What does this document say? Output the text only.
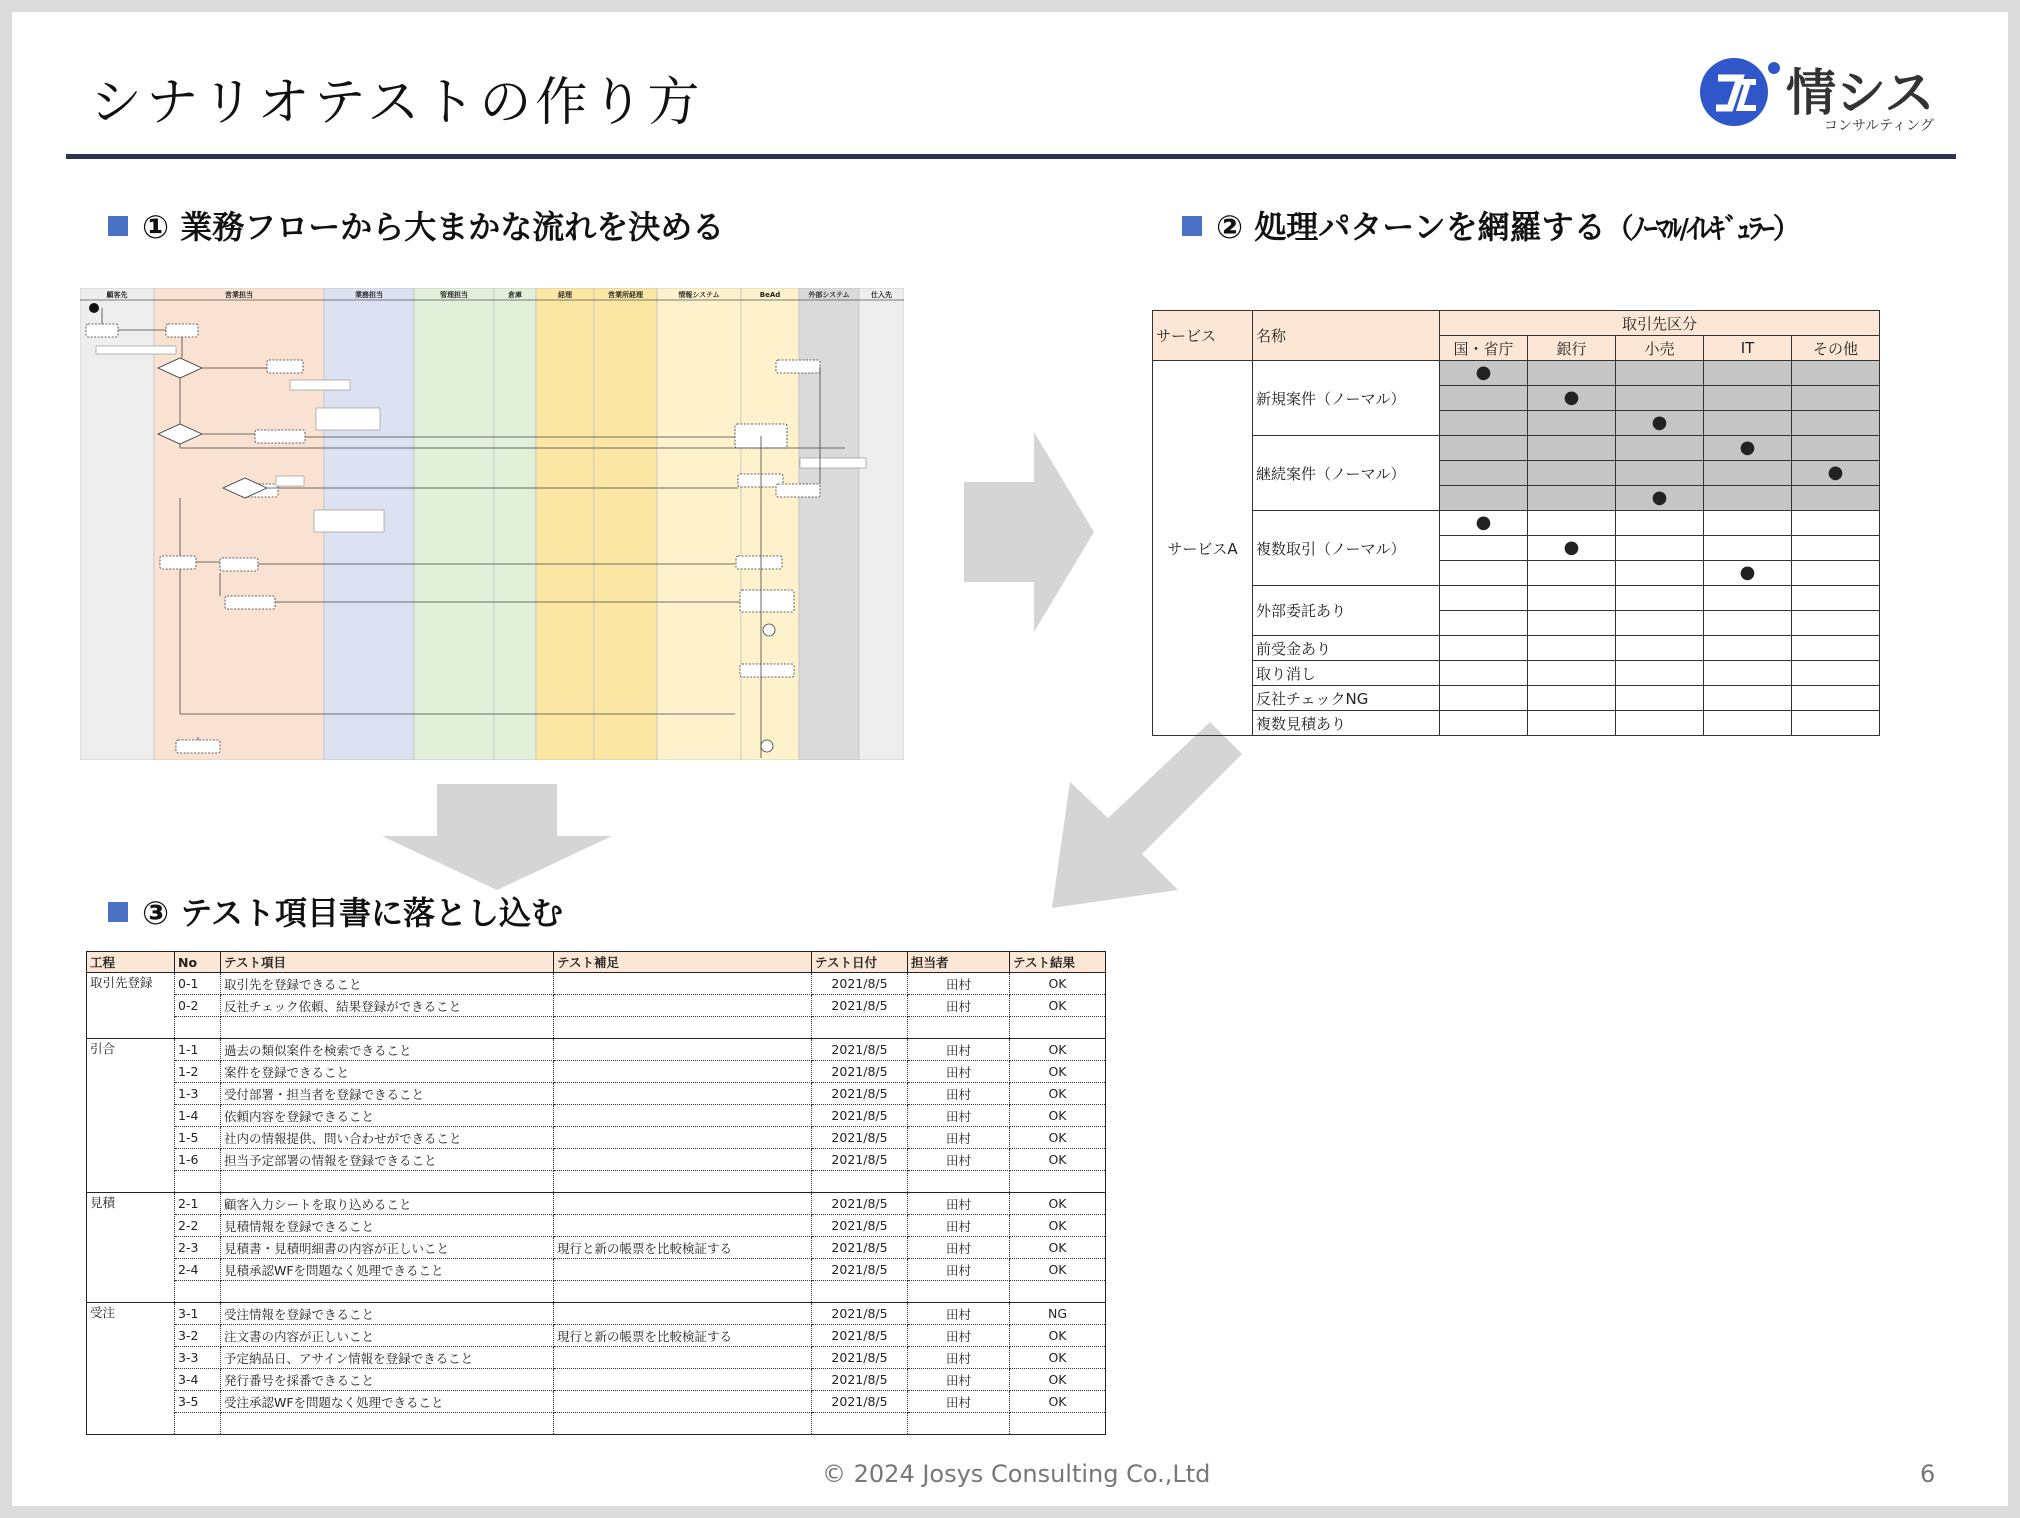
シナリオテストの作り方	情シス
コンサルティング
① 業務フローから大まかな流れを決める	② 処理パターンを網羅する（ﾉｰﾏﾙ/ｲﾚｷﾞｭﾗｰ）
③ テスト項目書に落とし込む
顧客先	営業担当	業務担当	管理担当	倉庫	経理	営業所経理	情報システム	BeAd	外部システム	仕入先
サービス	名称	取引先区分				
		国・省庁	銀行	小売	IT	その他
サービスA	新規案件（ノーマル）	●				
			●			
				●		
	継続案件（ノーマル）				●	
						●
				●		
	複数取引（ノーマル）	●				
			●			
					●	
	外部委託あり					

	前受金あり					
	取り消し					
	反社チェックNG					
	複数見積あり					
工程	No	テスト項目	テスト補足	テスト日付	担当者	テスト結果
取引先登録	0-1	取引先を登録できること		2021/8/5	田村	OK
	0-2	反社チェック依頼、結果登録ができること		2021/8/5	田村	OK

引合	1-1	過去の類似案件を検索できること		2021/8/5	田村	OK
	1-2	案件を登録できること		2021/8/5	田村	OK
	1-3	受付部署・担当者を登録できること		2021/8/5	田村	OK
	1-4	依頼内容を登録できること		2021/8/5	田村	OK
	1-5	社内の情報提供、問い合わせができること		2021/8/5	田村	OK
	1-6	担当予定部署の情報を登録できること		2021/8/5	田村	OK

見積	2-1	顧客入力シートを取り込めること		2021/8/5	田村	OK
	2-2	見積情報を登録できること		2021/8/5	田村	OK
	2-3	見積書・見積明細書の内容が正しいこと	現行と新の帳票を比較検証する	2021/8/5	田村	OK
	2-4	見積承認WFを問題なく処理できること		2021/8/5	田村	OK

受注	3-1	受注情報を登録できること		2021/8/5	田村	NG
	3-2	注文書の内容が正しいこと	現行と新の帳票を比較検証する	2021/8/5	田村	OK
	3-3	予定納品日、アサイン情報を登録できること		2021/8/5	田村	OK
	3-4	発行番号を採番できること		2021/8/5	田村	OK
	3-5	受注承認WFを問題なく処理できること		2021/8/5	田村	OK

© 2024 Josys Consulting Co.,Ltd	6
